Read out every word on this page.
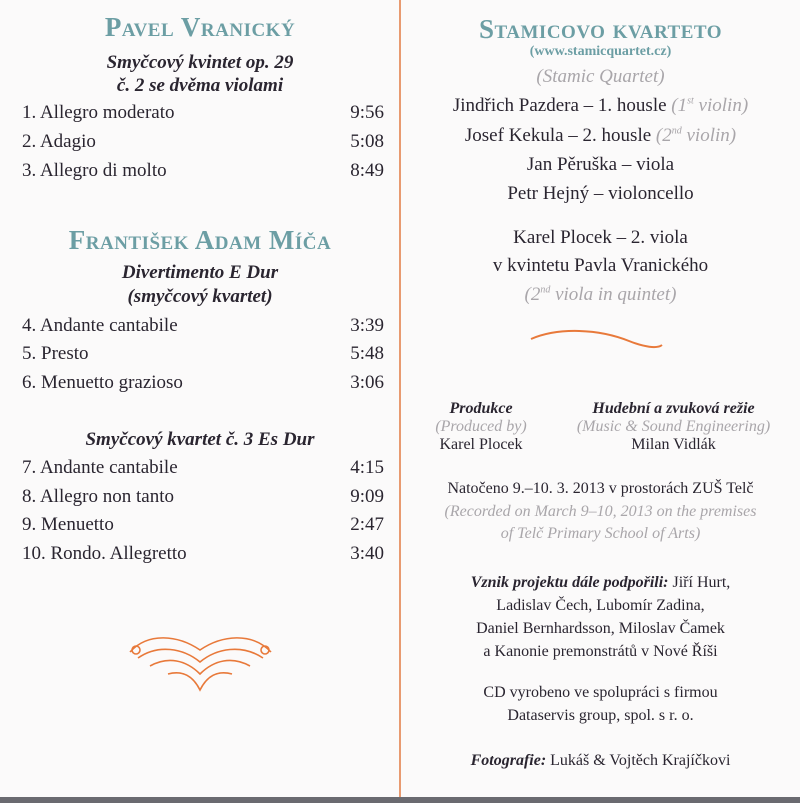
Pavel Vranický
Smyčcový kvintet op. 29
č. 2 se dvěma violami
1. Allegro moderato	9:56
2. Adagio	5:08
3. Allegro di molto	8:49
František Adam Míča
Divertimento E Dur
(smyčcový kvartet)
4. Andante cantabile	3:39
5. Presto	5:48
6. Menuetto grazioso	3:06
Smyčcový kvartet č. 3 Es Dur
7. Andante cantabile	4:15
8. Allegro non tanto	9:09
9. Menuetto	2:47
10. Rondo. Allegretto	3:40
Stamicovo kvarteto
(www.stamicquartet.cz)
(Stamic Quartet)
Jindřich Pazdera – 1. housle (1st violin)
Josef Kekula – 2. housle (2nd violin)
Jan Pěruška – viola
Petr Hejný – violoncello
Karel Plocek – 2. viola
v kvintetu Pavla Vranického
(2nd viola in quintet)
Produkce
(Produced by)
Karel Plocek
Hudební a zvuková režie
(Music & Sound Engineering)
Milan Vidlák
Natočeno 9.–10. 3. 2013 v prostorách ZUŠ Telč
(Recorded on March 9–10, 2013 on the premises
of Telč Primary School of Arts)
Vznik projektu dále podpořili: Jiří Hurt,
Ladislav Čech, Lubomír Zadina,
Daniel Bernhardsson, Miloslav Čamek
a Kanonie premonstrátů v Nové Říši
CD vyrobeno ve spolupráci s firmou
Dataservis group, spol. s r. o.
Fotografie: Lukáš & Vojtěch Krajíčkovi
